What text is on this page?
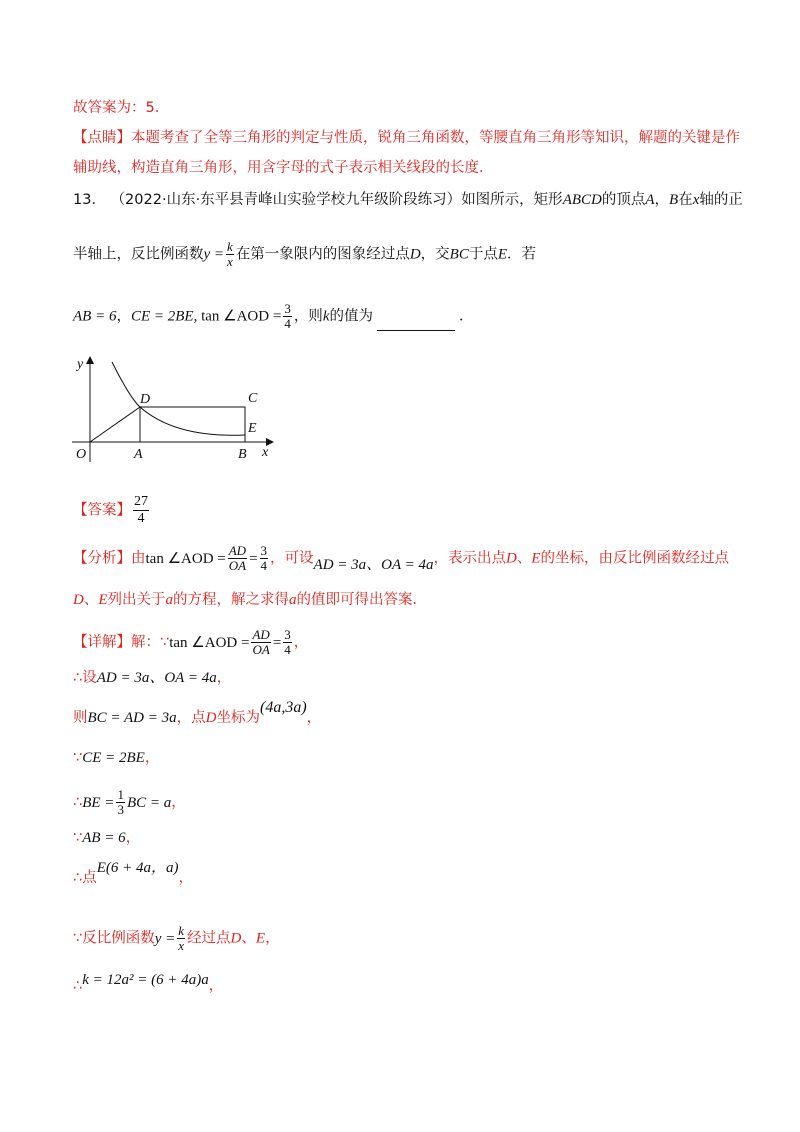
故答案为：5．
【点睛】本题考查了全等三角形的判定与性质，锐角三角函数，等腰直角三角形等知识，解题的关键是作
辅助线，构造直角三角形，用含字母的式子表示相关线段的长度．
13． （2022·山东·东平县青峰山实验学校九年级阶段练习）如图所示，矩形ABCD的顶点A，B在x轴的正
半轴上，反比例函数$y = \frac{k}{x}$ 在第一象限内的图象经过点D，交BC于点E．若
AB = 6，CE = 2BE, tan ∠AOD = $\frac{3}{4}$ ，则k的值为	．
y
x
O	A	B
C
D
E
【答案】 $\frac{27}{4}$
【分析】由tan ∠AOD = $\frac{AD}{OA} = \frac{3}{4}$ ，可设AD = 3a、OA = 4a，表示出点D、E的坐标，由反比例函数经过点
D、E列出关于a的方程，解之求得a的值即可得出答案．
【详解】解：∵tan ∠AOD = $\frac{AD}{OA} = \frac{3}{4}$ ，
∴设AD = 3a、OA = 4a，
则BC = AD = 3a，点D坐标为(4a,3a)，
∵CE = 2BE，
∴BE = $\frac{1}{3}$ BC = a，
∵AB = 6，
∴点E(6 + 4a，a)，
∵反比例函数$y = \frac{k}{x}$ 经过点D、E，
∴k = 12a² = (6 + 4a)a，
